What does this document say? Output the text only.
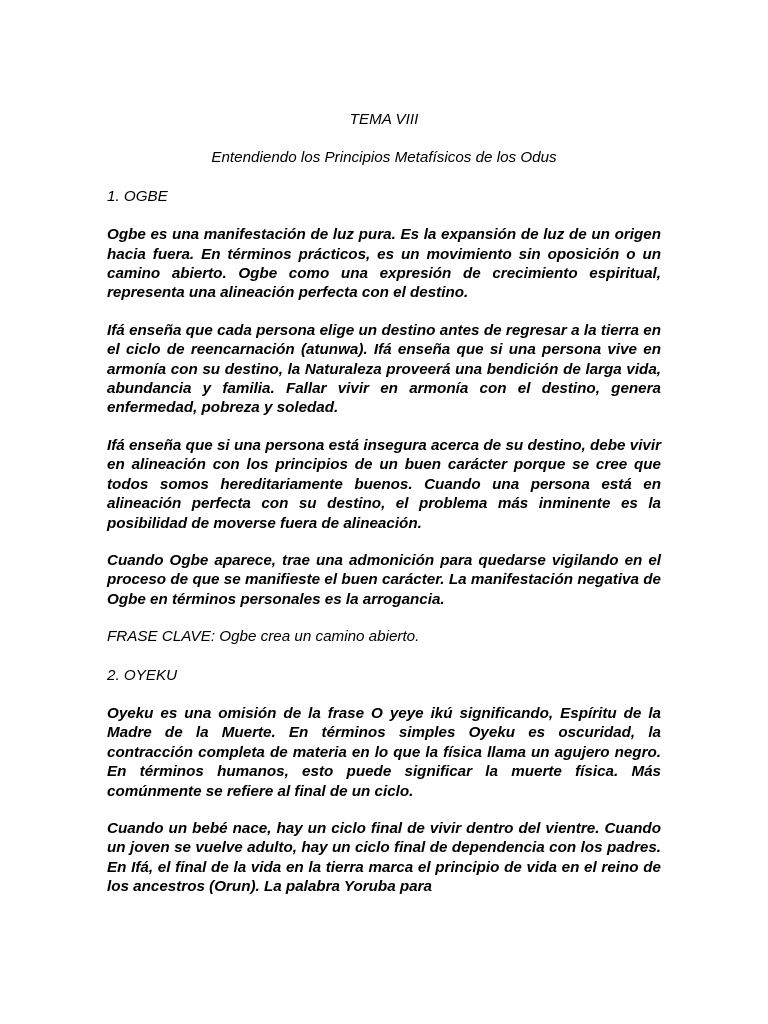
TEMA VIII
Entendiendo los Principios Metafísicos de los Odus
1. OGBE

Ogbe es una manifestación de luz pura. Es la expansión de luz de un origen hacia fuera. En términos prácticos, es un movimiento sin oposición o un camino abierto. Ogbe como una expresión de crecimiento espiritual, representa una alineación perfecta con el destino.

Ifá enseña que cada persona elige un destino antes de regresar a la tierra en el ciclo de reencarnación (atunwa). Ifá enseña que si una persona vive en armonía con su destino, la Naturaleza proveerá una bendición de larga vida, abundancia y familia. Fallar vivir en armonía con el destino, genera enfermedad, pobreza y soledad.

Ifá enseña que si una persona está insegura acerca de su destino, debe vivir en alineación con los principios de un buen carácter porque se cree que todos somos hereditariamente buenos. Cuando una persona está en alineación perfecta con su destino, el problema más inminente es la posibilidad de moverse fuera de alineación.

Cuando Ogbe aparece, trae una admonición para quedarse vigilando en el proceso de que se manifieste el buen carácter. La manifestación negativa de Ogbe en términos personales es la arrogancia.

FRASE CLAVE: Ogbe crea un camino abierto.
2. OYEKU

Oyeku es una omisión de la frase O yeye ikú significando, Espíritu de la Madre de la Muerte. En términos simples Oyeku es oscuridad, la contracción completa de materia en lo que la física llama un agujero negro. En términos humanos, esto puede significar la muerte física. Más comúnmente se refiere al final de un ciclo.

Cuando un bebé nace, hay un ciclo final de vivir dentro del vientre. Cuando un joven se vuelve adulto, hay un ciclo final de dependencia con los padres. En Ifá, el final de la vida en la tierra marca el principio de vida en el reino de los ancestros (Orun). La palabra Yoruba para
